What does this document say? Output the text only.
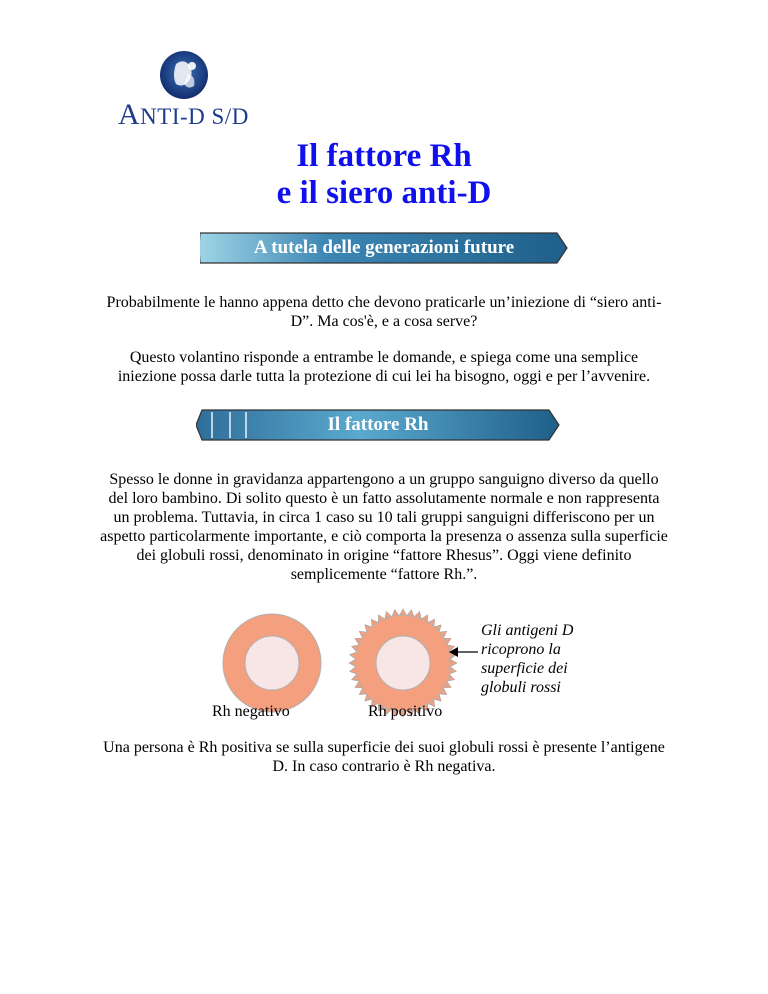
ANTI-D S/D
Il fattore Rh
e il siero anti-D
A tutela delle generazioni future
Probabilmente le hanno appena detto che devono praticarle un’iniezione di “siero anti-D”. Ma cos'è, e a cosa serve?
Questo volantino risponde a entrambe le domande, e spiega come una semplice iniezione possa darle tutta la protezione di cui lei ha bisogno, oggi e per l’avvenire.
Il fattore Rh
Spesso le donne in gravidanza appartengono a un gruppo sanguigno diverso da quello del loro bambino. Di solito questo è un fatto assolutamente normale e non rappresenta un problema. Tuttavia, in circa 1 caso su 10 tali gruppi sanguigni differiscono per un aspetto particolarmente importante, e ciò comporta la presenza o assenza sulla superficie dei globuli rossi, denominato in origine “fattore Rhesus”. Oggi viene definito semplicemente “fattore Rh.”.
Gli antigeni D ricoprono la superficie dei globuli rossi
Rh negativo	Rh positivo
Una persona è Rh positiva se sulla superficie dei suoi globuli rossi è presente l’antigene D. In caso contrario è Rh negativa.
